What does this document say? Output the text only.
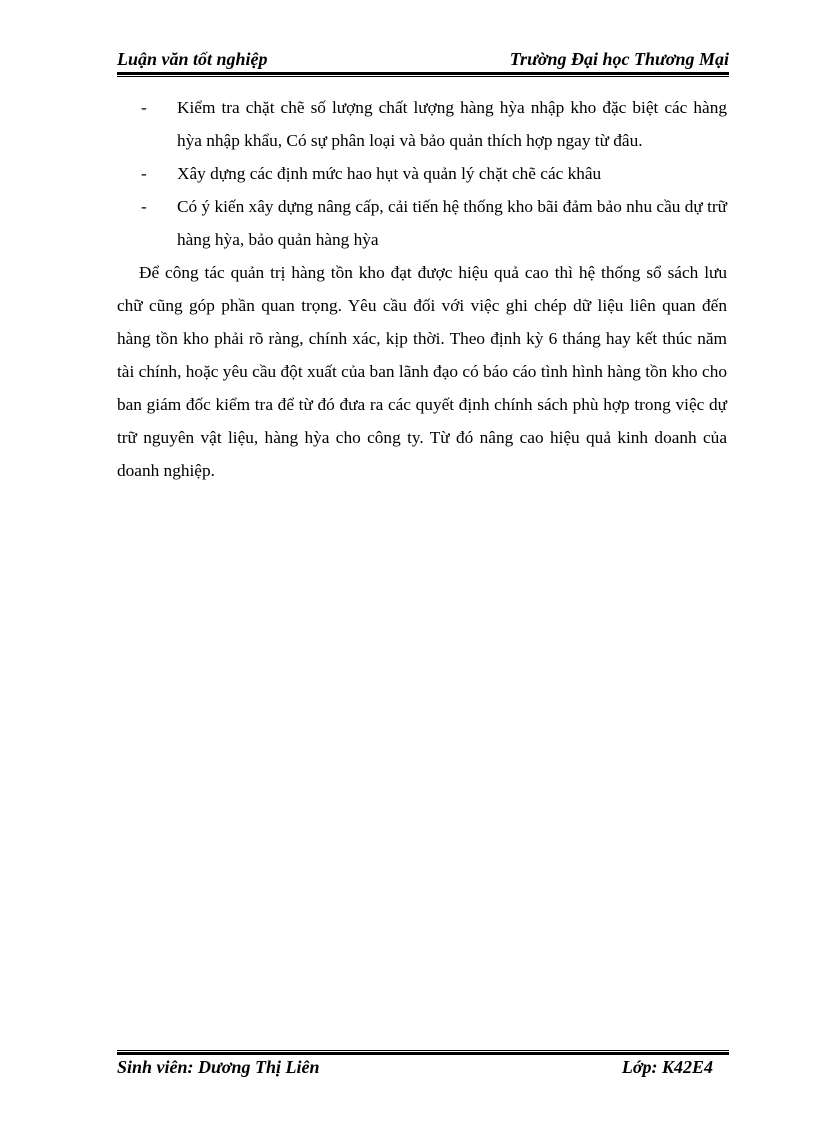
Luận văn tốt nghiệp	Trường Đại học Thương Mại
-	Kiểm tra chặt chẽ số lượng chất lượng hàng hỳa nhập kho đặc biệt các hàng hỳa nhập khẩu, Có sự phân loại và bảo quản thích hợp ngay từ đâu.
-	Xây dựng các định mức hao hụt và quản lý chặt chẽ các khâu
-	Có ý kiến xây dựng nâng cấp, cải tiến hệ thống kho bãi đảm bảo nhu cầu dự trữ hàng hỳa, bảo quản hàng hỳa

Để công tác quản trị hàng tồn kho đạt được hiệu quả cao thì hệ thống sổ sách lưu chữ cũng góp phần quan trọng. Yêu cầu đối với việc ghi chép dữ liệu liên quan đến hàng tồn kho phải rõ ràng, chính xác, kịp thời. Theo định kỳ 6 tháng hay kết thúc năm tài chính, hoặc yêu cầu đột xuất của ban lãnh đạo có báo cáo tình hình hàng tồn kho cho ban giám đốc kiểm tra để từ đó đưa ra các quyết định chính sách phù hợp trong việc dự trữ nguyên vật liệu, hàng hỳa cho công ty. Từ đó nâng cao hiệu quả kinh doanh của doanh nghiệp.

Sinh viên: Dương Thị Liên	Lớp: K42E4
